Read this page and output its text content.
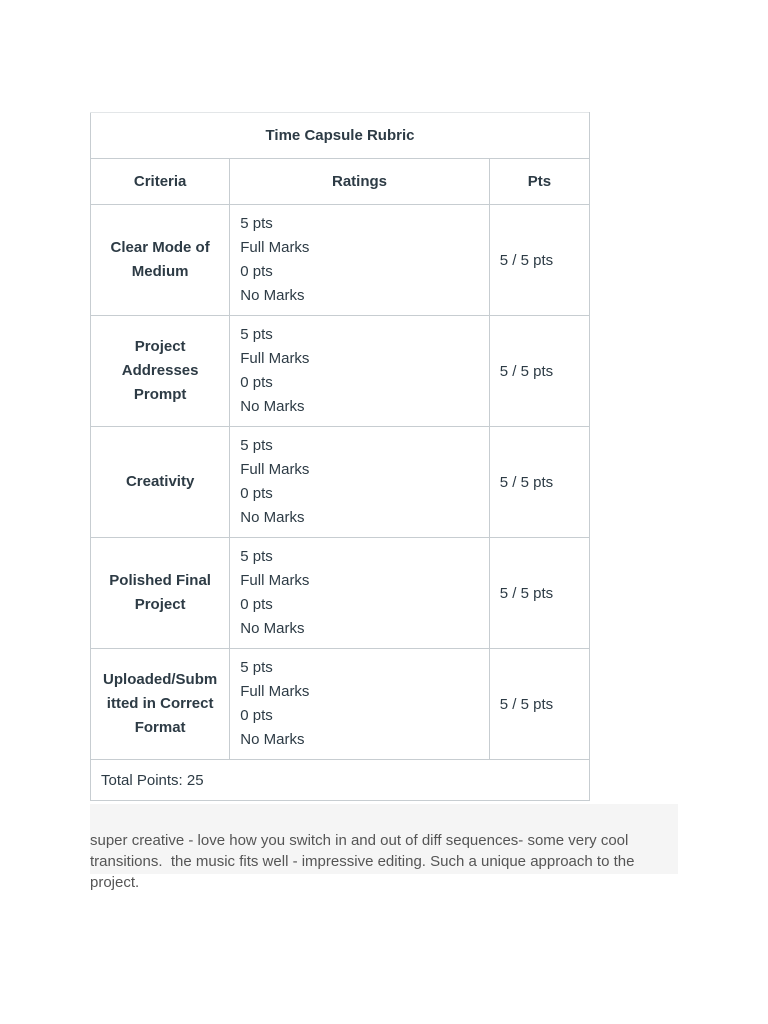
Time Capsule Rubric		
Criteria	Ratings	Pts
Clear Mode of Medium	5 pts
Full Marks
0 pts
No Marks	5 / 5 pts
Project Addresses Prompt	5 pts
Full Marks
0 pts
No Marks	5 / 5 pts
Creativity	5 pts
Full Marks
0 pts
No Marks	5 / 5 pts
Polished Final Project	5 pts
Full Marks
0 pts
No Marks	5 / 5 pts
Uploaded/Submitted in Correct Format	5 pts
Full Marks
0 pts
No Marks	5 / 5 pts
Total Points: 25		
super creative - love how you switch in and out of diff sequences- some very cool transitions.  the music fits well - impressive editing. Such a unique approach to the project.
